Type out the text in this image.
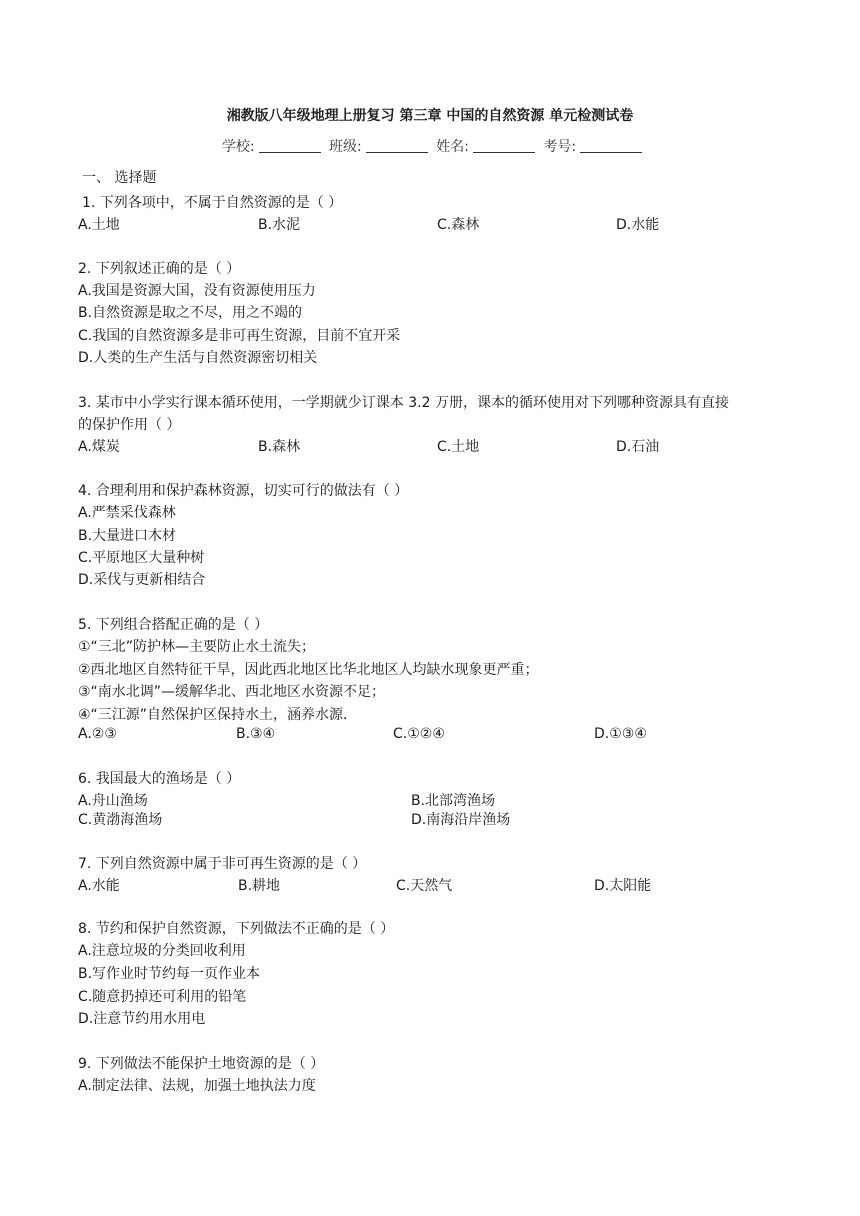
湘教版八年级地理上册复习 第三章 中国的自然资源 单元检测试卷
学校:	班级:	姓名:	考号:
一、 选择题
1. 下列各项中，不属于自然资源的是（ ）
A.土地	B.水泥	C.森林	D.水能
2. 下列叙述正确的是（ ）
A.我国是资源大国，没有资源使用压力
B.自然资源是取之不尽，用之不竭的
C.我国的自然资源多是非可再生资源，目前不宜开采
D.人类的生产生活与自然资源密切相关
3. 某市中小学实行课本循环使用，一学期就少订课本 3.2 万册，课本的循环使用对下列哪种资源具有直接
的保护作用（ ）
A.煤炭	B.森林	C.土地	D.石油
4. 合理利用和保护森林资源，切实可行的做法有（ ）
A.严禁采伐森林
B.大量进口木材
C.平原地区大量种树
D.采伐与更新相结合
5. 下列组合搭配正确的是（ ）
①“三北”防护林—主要防止水土流失；
②西北地区自然特征干旱，因此西北地区比华北地区人均缺水现象更严重；
③“南水北调”—缓解华北、西北地区水资源不足；
④“三江源”自然保护区保持水土，涵养水源．
A.②③	B.③④	C.①②④	D.①③④
6. 我国最大的渔场是（ ）
A.舟山渔场	B.北部湾渔场
C.黄渤海渔场	D.南海沿岸渔场
7. 下列自然资源中属于非可再生资源的是（ ）
A.水能	B.耕地	C.天然气	D.太阳能
8. 节约和保护自然资源，下列做法不正确的是（ ）
A.注意垃圾的分类回收利用
B.写作业时节约每一页作业本
C.随意扔掉还可利用的铅笔
D.注意节约用水用电
9. 下列做法不能保护土地资源的是（ ）
A.制定法律、法规，加强土地执法力度
